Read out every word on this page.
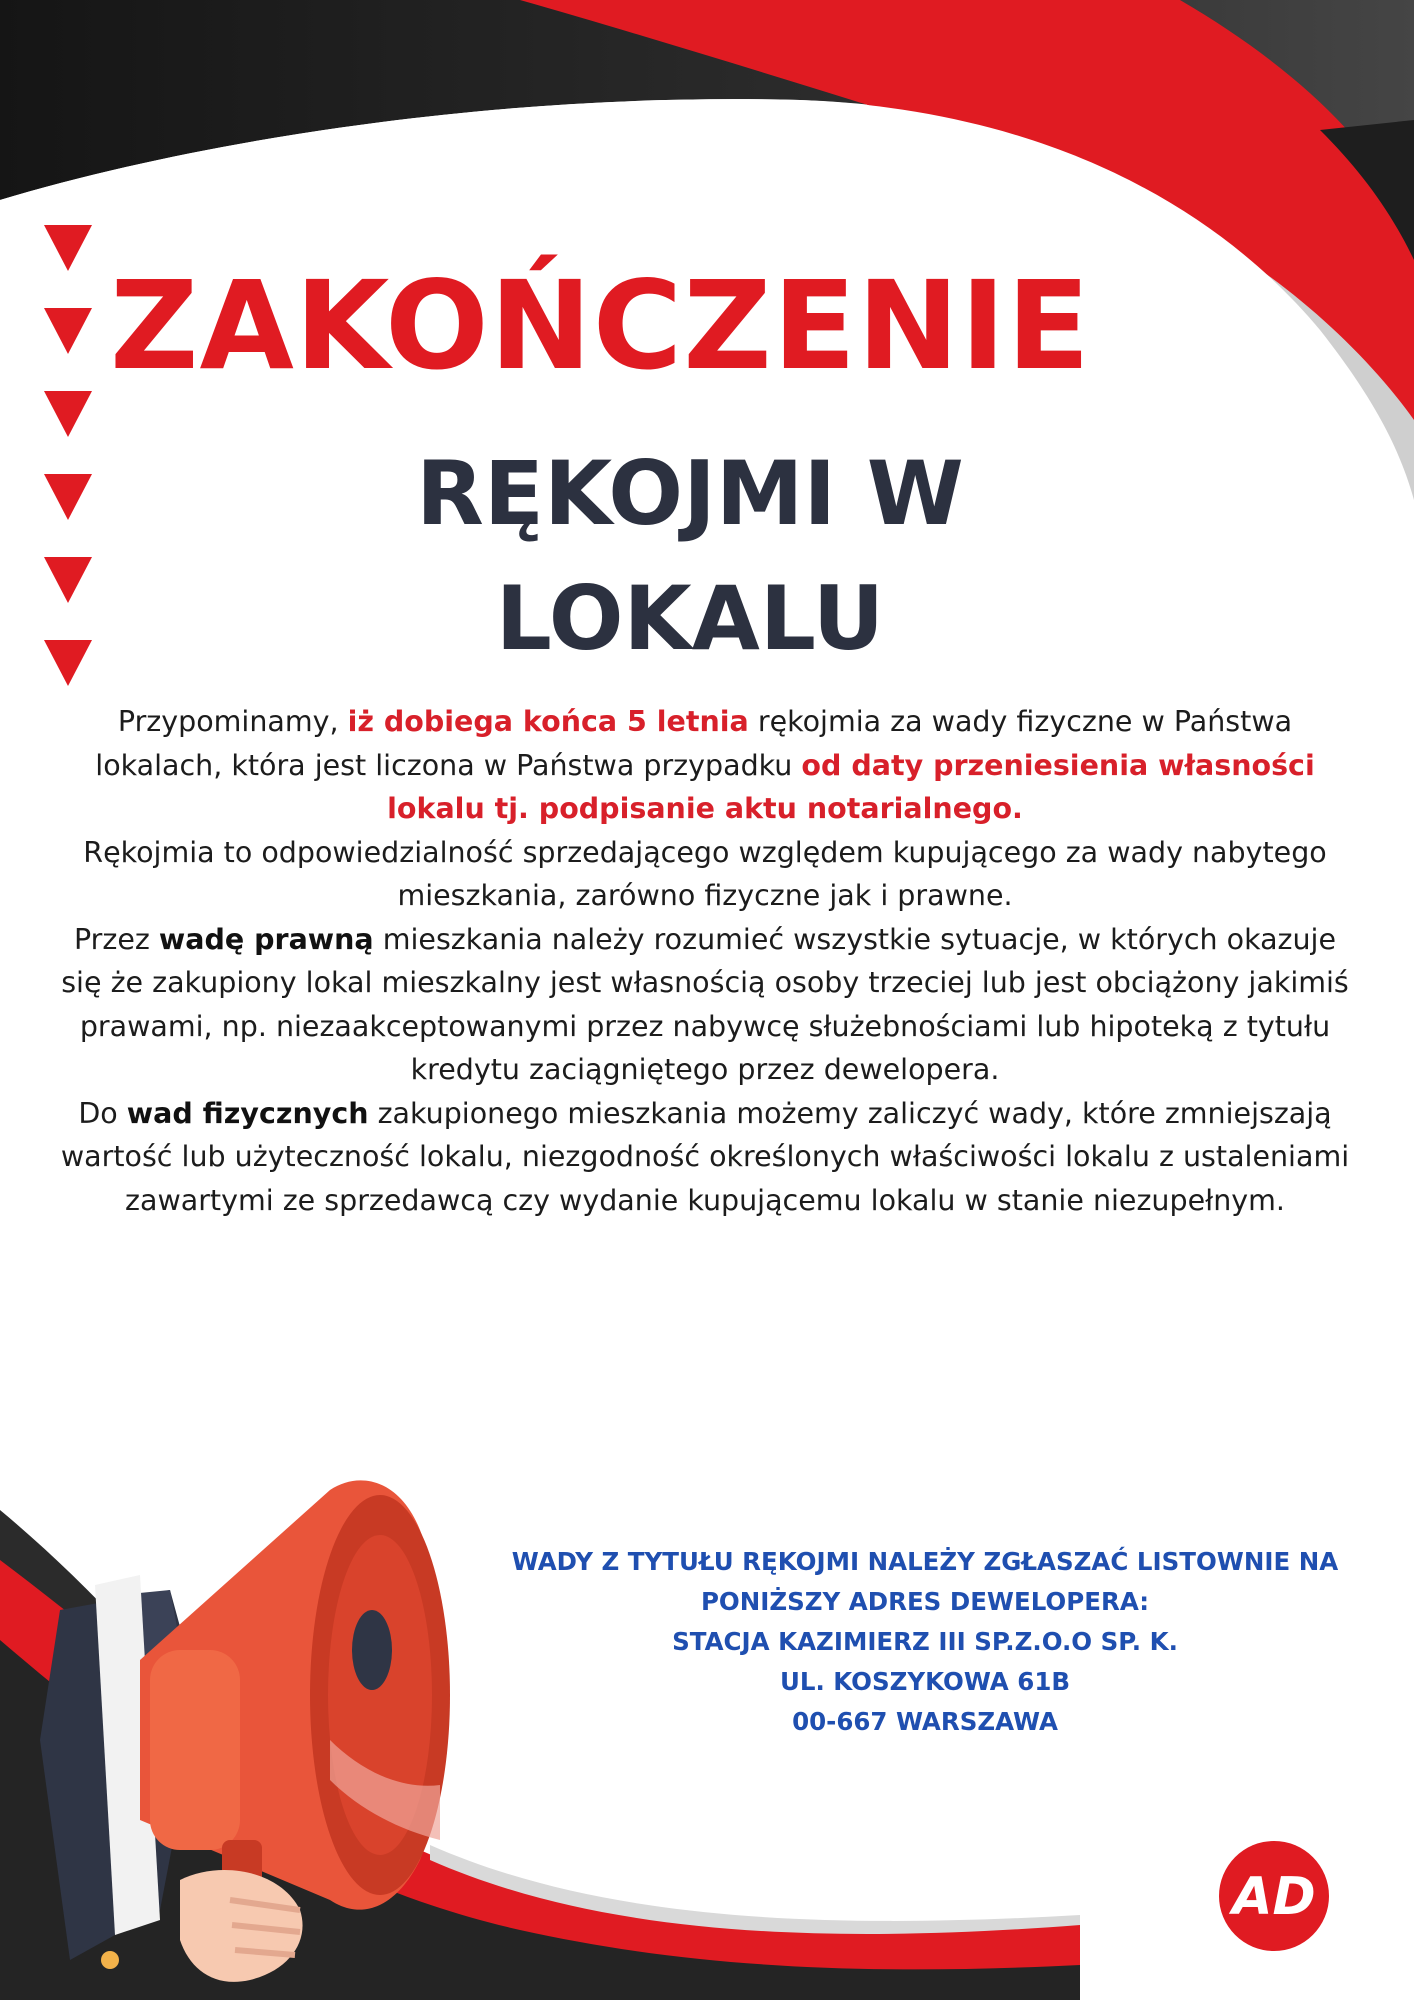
ZAKOŃCZENIE
RĘKOJMI W
LOKALU

Przypominamy, iż dobiega końca 5 letnia rękojmia za wady fizyczne w Państwa lokalach, która jest liczona w Państwa przypadku od daty przeniesienia własności lokalu tj. podpisanie aktu notarialnego.

Rękojmia to odpowiedzialność sprzedającego względem kupującego za wady nabytego mieszkania, zarówno fizyczne jak i prawne.

Przez wadę prawną mieszkania należy rozumieć wszystkie sytuacje, w których okazuje się że zakupiony lokal mieszkalny jest własnością osoby trzeciej lub jest obciążony jakimiś prawami, np. niezaakceptowanymi przez nabywcę służebnościami lub hipoteką z tytułu kredytu zaciągniętego przez dewelopera.

Do wad fizycznych zakupionego mieszkania możemy zaliczyć wady, które zmniejszają wartość lub użyteczność lokalu, niezgodność określonych właściwości lokalu z ustaleniami zawartymi ze sprzedawcą czy wydanie kupującemu lokalu w stanie niezupełnym.

WADY Z TYTUŁU RĘKOJMI NALEŻY ZGŁASZAĆ LISTOWNIE NA
PONIŻSZY ADRES DEWELOPERA:
STACJA KAZIMIERZ III SP.Z.O.O SP. K.
UL. KOSZYKOWA 61B
00-667 WARSZAWA
AD
